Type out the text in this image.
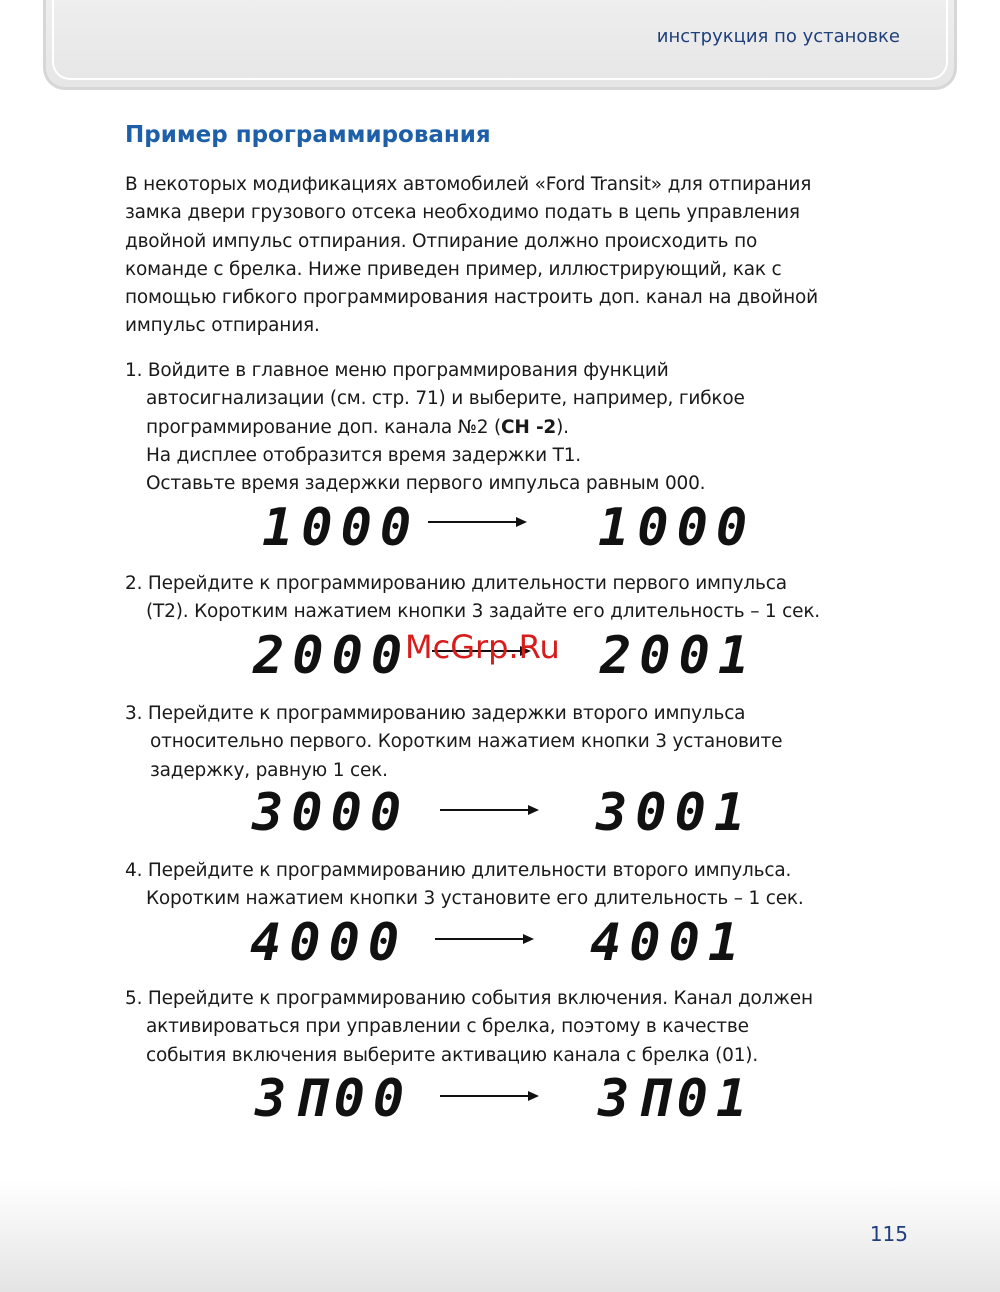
инструкция по установке
Пример программирования
В некоторых модификациях автомобилей «Ford Transit» для отпирания
замка двери грузового отсека необходимо подать в цепь управления
двойной импульс отпирания. Отпирание должно происходить по
команде с брелка. Ниже приведен пример, иллюстрирующий, как с
помощью гибкого программирования настроить доп. канал на двойной
импульс отпирания.
1. Войдите в главное меню программирования функций
автосигнализации (см. стр. 71) и выберите, например, гибкое
программирование доп. канала №2 (CH -2).
На дисплее отобразится время задержки Т1.
Оставьте время задержки первого импульса равным 000.
1000	1000
2. Перейдите к программированию длительности первого импульса
(Т2). Коротким нажатием кнопки 3 задайте его длительность – 1 сек.
2000	2001
McGrp.Ru
3. Перейдите к программированию задержки второго импульса
относительно первого. Коротким нажатием кнопки 3 установите
задержку, равную 1 сек.
3000	3001
4. Перейдите к программированию длительности второго импульса.
Коротким нажатием кнопки 3 установите его длительность – 1 сек.
4000	4001
5. Перейдите к программированию события включения. Канал должен
активироваться при управлении с брелка, поэтому в качестве
события включения выберите активацию канала с брелка (01).
3П00	3П01
115
